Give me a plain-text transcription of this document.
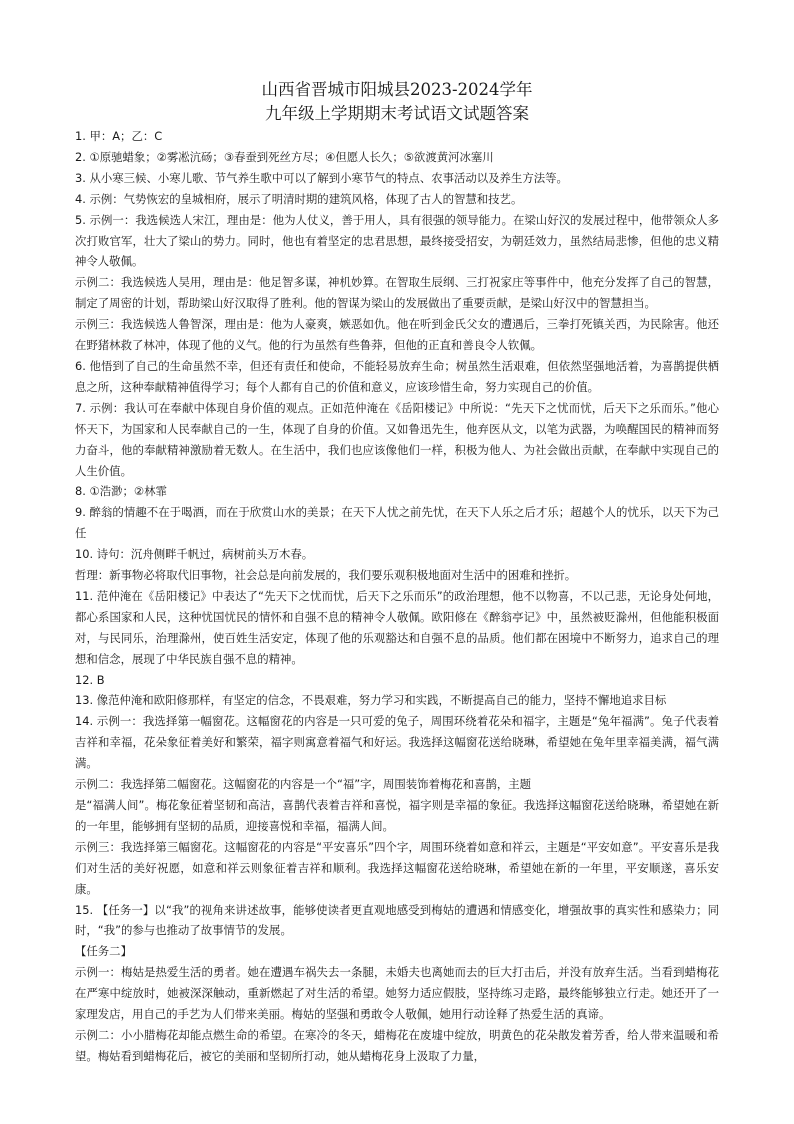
山西省晋城市阳城县2023-2024学年

九年级上学期期末考试语文试题答案

1. 甲：A；乙：C

2. ①原驰蜡象；②雾凇沆砀；③春蚕到死丝方尽；④但愿人长久；⑤欲渡黄河冰塞川

3. 从小寒三候、小寒儿歌、节气养生歌中可以了解到小寒节气的特点、农事活动以及养生方法等。

4. 示例：气势恢宏的皇城相府，展示了明清时期的建筑风格，体现了古人的智慧和技艺。

5. 示例一：我选候选人宋江，理由是：他为人仗义，善于用人，具有很强的领导能力。在梁山好汉的发展过程中，他带领众人多次打败官军，壮大了梁山的势力。同时，他也有着坚定的忠君思想，最终接受招安，为朝廷效力，虽然结局悲惨，但他的忠义精神令人敬佩。

示例二：我选候选人吴用，理由是：他足智多谋，神机妙算。在智取生辰纲、三打祝家庄等事件中，他充分发挥了自己的智慧，制定了周密的计划，帮助梁山好汉取得了胜利。他的智谋为梁山的发展做出了重要贡献，是梁山好汉中的智慧担当。

示例三：我选候选人鲁智深，理由是：他为人豪爽，嫉恶如仇。他在听到金氏父女的遭遇后，三拳打死镇关西，为民除害。他还在野猪林救了林冲，体现了他的义气。他的行为虽然有些鲁莽，但他的正直和善良令人钦佩。

6. 他悟到了自己的生命虽然不幸，但还有责任和使命，不能轻易放弃生命；树虽然生活艰难，但依然坚强地活着，为喜鹊提供栖息之所，这种奉献精神值得学习；每个人都有自己的价值和意义，应该珍惜生命，努力实现自己的价值。

7. 示例：我认可在奉献中体现自身价值的观点。正如范仲淹在《岳阳楼记》中所说：“先天下之忧而忧，后天下之乐而乐。”他心怀天下，为国家和人民奉献自己的一生，体现了自身的价值。又如鲁迅先生，他弃医从文，以笔为武器，为唤醒国民的精神而努力奋斗，他的奉献精神激励着无数人。在生活中，我们也应该像他们一样，积极为他人、为社会做出贡献，在奉献中实现自己的人生价值。

8. ①浩渺；②林霏

9. 醉翁的情趣不在于喝酒，而在于欣赏山水的美景；在天下人忧之前先忧，在天下人乐之后才乐；超越个人的忧乐，以天下为己任

10. 诗句：沉舟侧畔千帆过，病树前头万木春。

哲理：新事物必将取代旧事物，社会总是向前发展的，我们要乐观积极地面对生活中的困难和挫折。

11. 范仲淹在《岳阳楼记》中表达了“先天下之忧而忧，后天下之乐而乐”的政治理想，他不以物喜，不以己悲，无论身处何地，都心系国家和人民，这种忧国忧民的情怀和自强不息的精神令人敬佩。欧阳修在《醉翁亭记》中，虽然被贬滁州，但他能积极面对，与民同乐，治理滁州，使百姓生活安定，体现了他的乐观豁达和自强不息的品质。他们都在困境中不断努力，追求自己的理想和信念，展现了中华民族自强不息的精神。

12. B

13. 像范仲淹和欧阳修那样，有坚定的信念，不畏艰难，努力学习和实践，不断提高自己的能力，坚持不懈地追求目标

14. 示例一：我选择第一幅窗花。这幅窗花的内容是一只可爱的兔子，周围环绕着花朵和福字，主题是“兔年福满”。兔子代表着吉祥和幸福，花朵象征着美好和繁荣，福字则寓意着福气和好运。我选择这幅窗花送给晓琳，希望她在兔年里幸福美满，福气满满。

示例二：我选择第二幅窗花。这幅窗花的内容是一个“福”字，周围装饰着梅花和喜鹊，主题

是“福满人间”。梅花象征着坚韧和高洁，喜鹊代表着吉祥和喜悦，福字则是幸福的象征。我选择这幅窗花送给晓琳，希望她在新的一年里，能够拥有坚韧的品质，迎接喜悦和幸福，福满人间。

示例三：我选择第三幅窗花。这幅窗花的内容是“平安喜乐”四个字，周围环绕着如意和祥云，主题是“平安如意”。平安喜乐是我们对生活的美好祝愿，如意和祥云则象征着吉祥和顺利。我选择这幅窗花送给晓琳，希望她在新的一年里，平安顺遂，喜乐安康。

15. 【任务一】以“我”的视角来讲述故事，能够使读者更直观地感受到梅姑的遭遇和情感变化，增强故事的真实性和感染力；同时，“我”的参与也推动了故事情节的发展。

【任务二】

示例一：梅姑是热爱生活的勇者。她在遭遇车祸失去一条腿，未婚夫也离她而去的巨大打击后，并没有放弃生活。当看到蜡梅花在严寒中绽放时，她被深深触动，重新燃起了对生活的希望。她努力适应假肢，坚持练习走路，最终能够独立行走。她还开了一家理发店，用自己的手艺为人们带来美丽。梅姑的坚强和勇敢令人敬佩，她用行动诠释了热爱生活的真谛。

示例二：小小腊梅花却能点燃生命的希望。在寒冷的冬天，蜡梅花在废墟中绽放，明黄色的花朵散发着芳香，给人带来温暖和希望。梅姑看到蜡梅花后，被它的美丽和坚韧所打动，她从蜡梅花身上汲取了力量，
